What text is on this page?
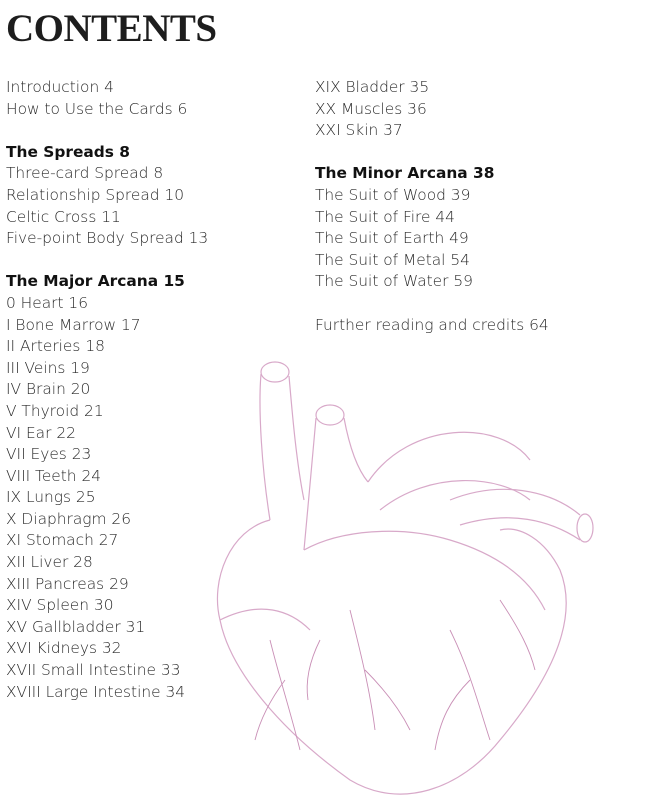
CONTENTS
Introduction 4
How to Use the Cards 6
The Spreads 8
Three-card Spread 8
Relationship Spread 10
Celtic Cross 11
Five-point Body Spread 13
The Major Arcana 15
0 Heart 16
I Bone Marrow 17
II Arteries 18
III Veins 19
IV Brain 20
V Thyroid 21
VI Ear 22
VII Eyes 23
VIII Teeth 24
IX Lungs 25
X Diaphragm 26
XI Stomach 27
XII Liver 28
XIII Pancreas 29
XIV Spleen 30
XV Gallbladder 31
XVI Kidneys 32
XVII Small Intestine 33
XVIII Large Intestine 34
XIX Bladder 35
XX Muscles 36
XXI Skin 37
The Minor Arcana 38
The Suit of Wood 39
The Suit of Fire 44
The Suit of Earth 49
The Suit of Metal 54
The Suit of Water 59
Further reading and credits 64
